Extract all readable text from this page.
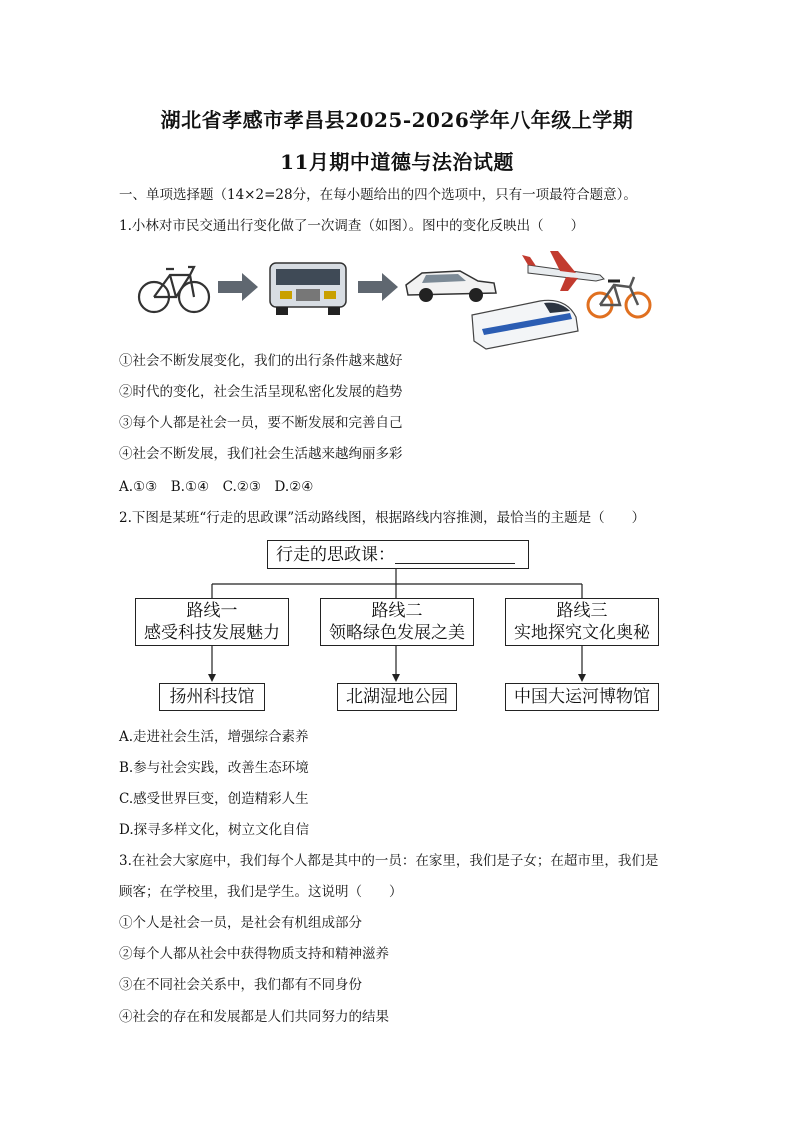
湖北省孝感市孝昌县2025-2026学年八年级上学期
11月期中道德与法治试题
一、单项选择题（14×2=28分，在每小题给出的四个选项中，只有一项最符合题意）。
1.小林对市民交通出行变化做了一次调查（如图）。图中的变化反映出（　　）
①社会不断发展变化，我们的出行条件越来越好
②时代的变化，社会生活呈现私密化发展的趋势
③每个人都是社会一员，要不断发展和完善自己
④社会不断发展，我们社会生活越来越绚丽多彩
A.①③　B.①④　C.②③　D.②④
2.下图是某班“行走的思政课”活动路线图，根据路线内容推测，最恰当的主题是（　　）
行走的思政课：
路线一
感受科技发展魅力
路线二
领略绿色发展之美
路线三
实地探究文化奥秘
扬州科技馆	北湖湿地公园	中国大运河博物馆
A.走进社会生活，增强综合素养
B.参与社会实践，改善生态环境
C.感受世界巨变，创造精彩人生
D.探寻多样文化，树立文化自信
3.在社会大家庭中，我们每个人都是其中的一员：在家里，我们是子女；在超市里，我们是
顾客；在学校里，我们是学生。这说明（　　）
①个人是社会一员，是社会有机组成部分
②每个人都从社会中获得物质支持和精神滋养
③在不同社会关系中，我们都有不同身份
④社会的存在和发展都是人们共同努力的结果
